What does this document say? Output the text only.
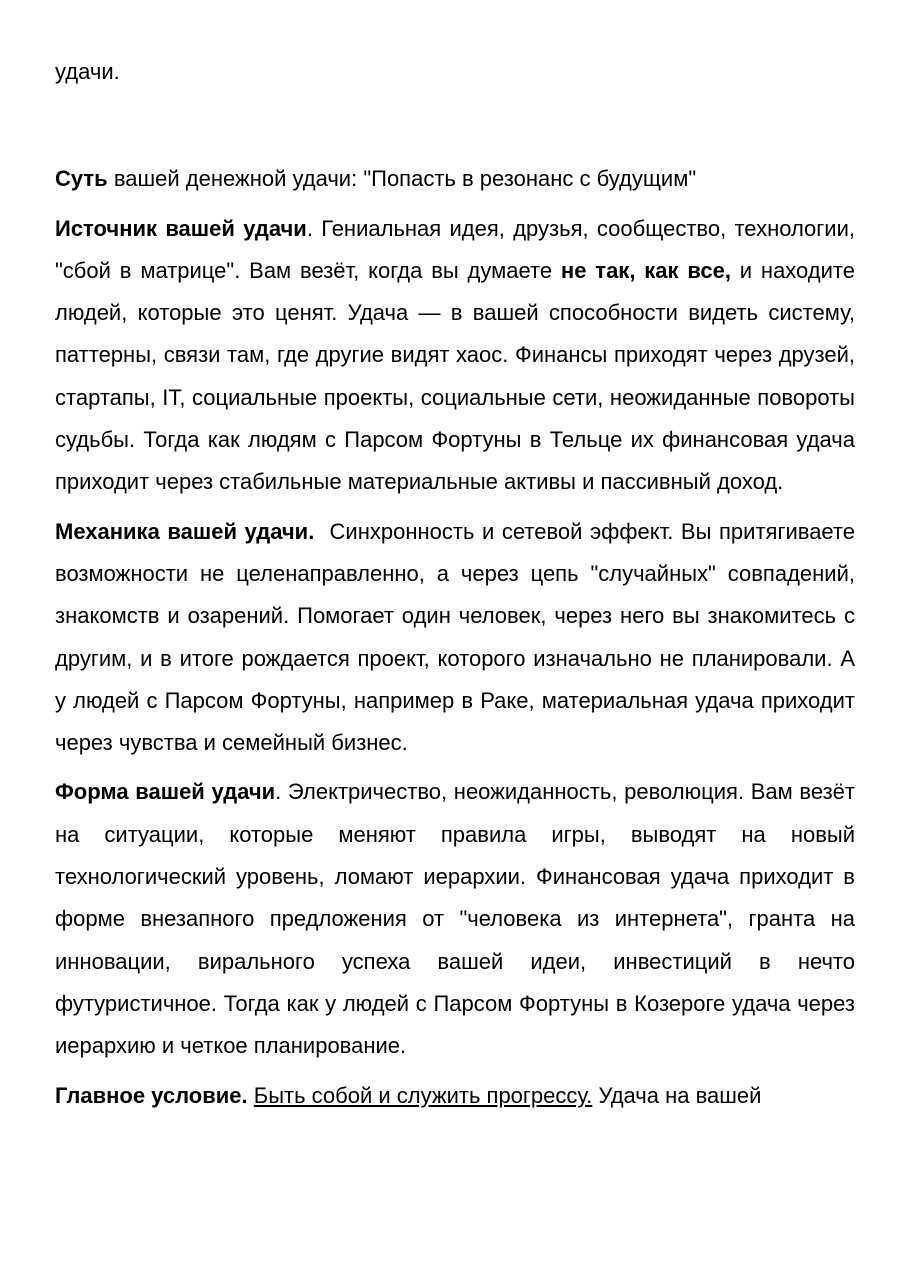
удачи.

Суть вашей денежной удачи: "Попасть в резонанс с будущим"

Источник вашей удачи. Гениальная идея, друзья, сообщество, технологии, "сбой в матрице". Вам везёт, когда вы думаете не так, как все, и находите людей, которые это ценят. Удача — в вашей способности видеть систему, паттерны, связи там, где другие видят хаос. Финансы приходят через друзей, стартапы, IT, социальные проекты, социальные сети, неожиданные повороты судьбы. Тогда как людям с Парсом Фортуны в Тельце их финансовая удача приходит через стабильные материальные активы и пассивный доход.

Механика вашей удачи.  Синхронность и сетевой эффект. Вы притягиваете возможности не целенаправленно, а через цепь "случайных" совпадений, знакомств и озарений. Помогает один человек, через него вы знакомитесь с другим, и в итоге рождается проект, которого изначально не планировали. А у людей с Парсом Фортуны, например в Раке, материальная удача приходит через чувства и семейный бизнес.

Форма вашей удачи. Электричество, неожиданность, революция. Вам везёт на ситуации, которые меняют правила игры, выводят на новый технологический уровень, ломают иерархии. Финансовая удача приходит в форме внезапного предложения от "человека из интернета", гранта на инновации, вирального успеха вашей идеи, инвестиций в нечто футуристичное. Тогда как у людей с Парсом Фортуны в Козероге удача через иерархию и четкое планирование.

Главное условие. Быть собой и служить прогрессу. Удача на вашей
